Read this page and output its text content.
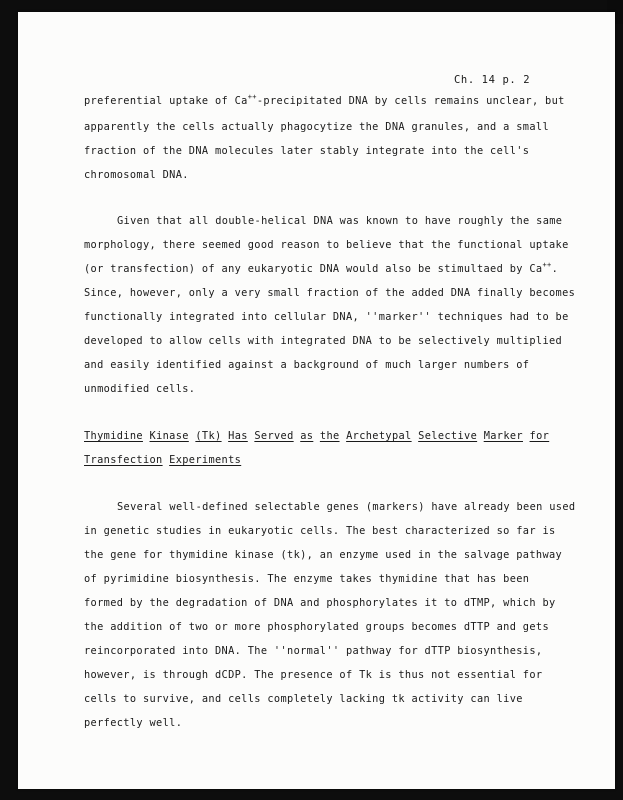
Ch. 14 p. 2
preferential uptake of Ca++-precipitated DNA by cells remains unclear, but
apparently the cells actually phagocytize the DNA granules, and a small
fraction of the DNA molecules later stably integrate into the cell's
chromosomal DNA.
Given that all double-helical DNA was known to have roughly the same
morphology, there seemed good reason to believe that the functional uptake
(or transfection) of any eukaryotic DNA would also be stimultaed by Ca++.
Since, however, only a very small fraction of the added DNA finally becomes
functionally integrated into cellular DNA, ''marker'' techniques had to be
developed to allow cells with integrated DNA to be selectively multiplied
and easily identified against a background of much larger numbers of
unmodified cells.
Thymidine Kinase (Tk) Has Served as the Archetypal Selective Marker for
Transfection Experiments
Several well-defined selectable genes (markers) have already been used
in genetic studies in eukaryotic cells. The best characterized so far is
the gene for thymidine kinase (tk), an enzyme used in the salvage pathway
of pyrimidine biosynthesis. The enzyme takes thymidine that has been
formed by the degradation of DNA and phosphorylates it to dTMP, which by
the addition of two or more phosphorylated groups becomes dTTP and gets
reincorporated into DNA. The ''normal'' pathway for dTTP biosynthesis,
however, is through dCDP. The presence of Tk is thus not essential for
cells to survive, and cells completely lacking tk activity can live
perfectly well.
